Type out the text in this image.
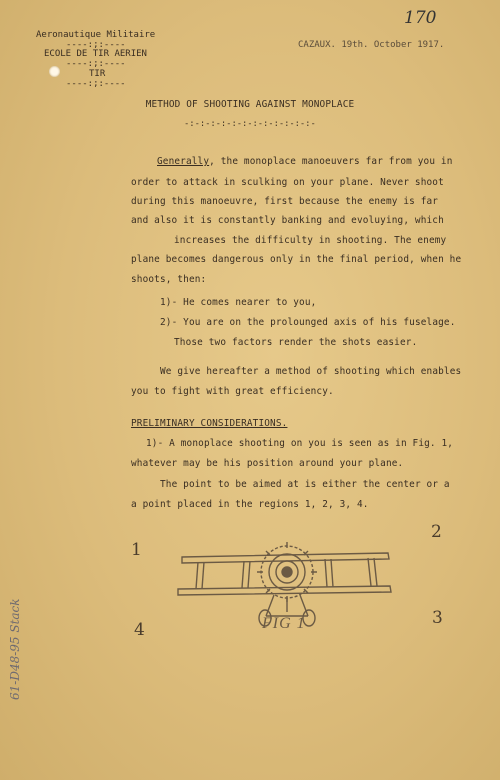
Aeronautique Militaire
----:;:----
ECOLE DE TIR AERIEN
----:;:----
TIR
----:;:----
CAZAUX. 19th. October 1917.
170
METHOD OF SHOOTING AGAINST MONOPLACE
-:-:-:-:-:-:-:-:-:-:-:-:-
Generally, the monoplace manoeuvers far from you in
order to attack in sculking on your plane. Never shoot
during this manoeuvre, first because the enemy is far
and also it is constantly banking and evoluying, which
increases the difficulty in shooting. The enemy
plane becomes dangerous only in the final period, when he
shoots, then:
1)- He comes nearer to you,
2)- You are on the prolounged axis of his fuselage.
Those two factors render the shots easier.
We give hereafter a method of shooting which enables
you to fight with great efficiency.
PRELIMINARY CONSIDERATIONS.
1)- A monoplace shooting on you is seen as in Fig. 1,
whatever may be his position around your plane.
The point to be aimed at is either the center or a
a point placed in the regions 1, 2, 3, 4.
FIG 1
1
2
3
4
61-D48-95 Stack
